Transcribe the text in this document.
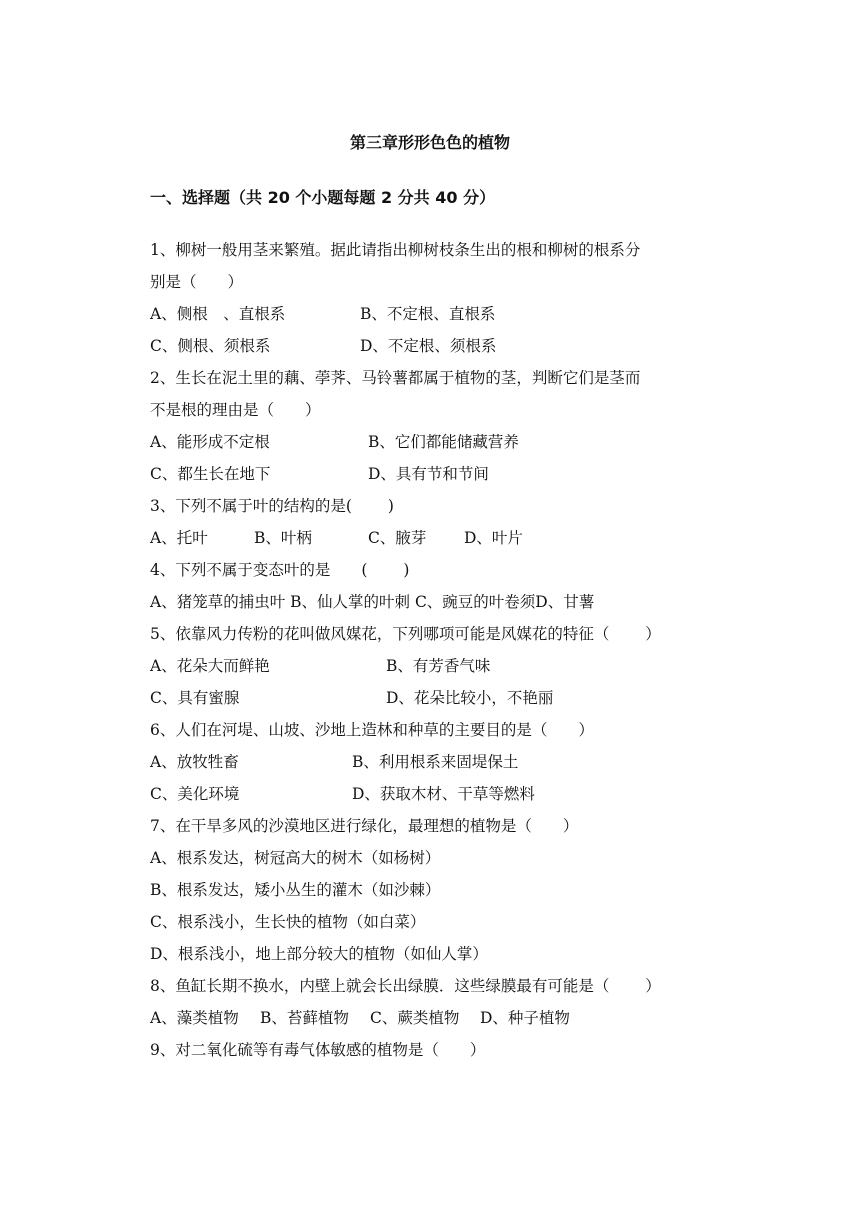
第三章形形色色的植物
一、选择题（共 20 个小题每题 2 分共 40 分）
1、柳树一般用茎来繁殖。据此请指出柳树枝条生出的根和柳树的根系分
别是（　　）
A、侧根　、直根系	B、不定根、直根系
C、侧根、须根系	D、不定根、须根系
2、生长在泥土里的藕、荸荠、马铃薯都属于植物的茎，判断它们是茎而
不是根的理由是（　　）
A、能形成不定根	B、它们都能储藏营养
C、都生长在地下	D、具有节和节间
3、下列不属于叶的结构的是(　　 )
A、托叶	B、叶柄	C、腋芽 D、叶片
4、下列不属于变态叶的是　　(　　 )
A、猪笼草的捕虫叶 B、仙人掌的叶刺 C、豌豆的叶卷须D、甘薯
5、依靠风力传粉的花叫做风媒花，下列哪项可能是风媒花的特征（　　 ）
A、花朵大而鲜艳	B、有芳香气味
C、具有蜜腺	D、花朵比较小，不艳丽
6、人们在河堤、山坡、沙地上造林和种草的主要目的是（　　）
A、放牧牲畜	B、利用根系来固堤保土
C、美化环境	D、获取木材、干草等燃料
7、在干旱多风的沙漠地区进行绿化，最理想的植物是（　　）
A、根系发达，树冠高大的树木（如杨树）
B、根系发达，矮小丛生的灌木（如沙棘）
C、根系浅小，生长快的植物（如白菜）
D、根系浅小，地上部分较大的植物（如仙人掌）
8、鱼缸长期不换水，内壁上就会长出绿膜．这些绿膜最有可能是（　　 ）
A、藻类植物 B、苔藓植物 C、蕨类植物 D、种子植物
9、对二氧化硫等有毒气体敏感的植物是（　　）
